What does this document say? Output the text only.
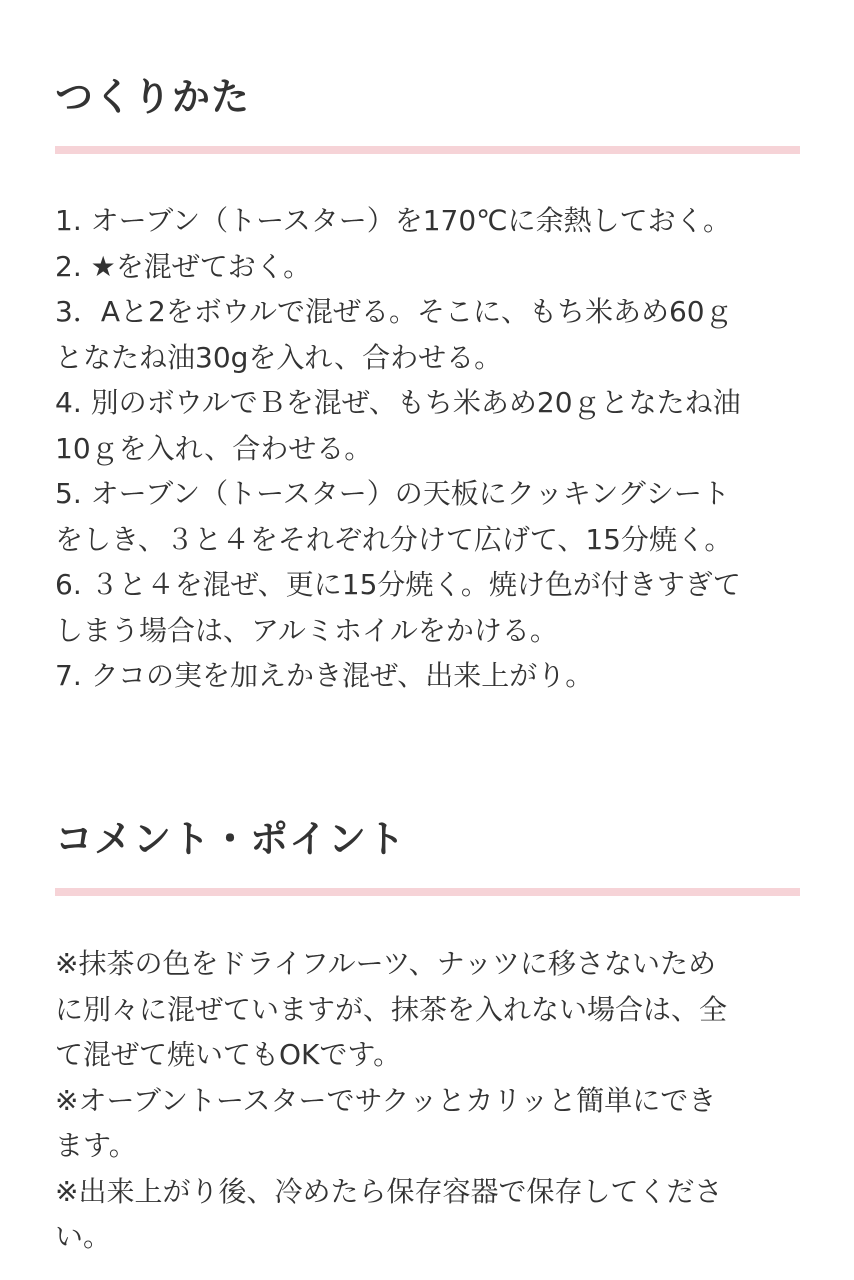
つくりかた
1. オーブン（トースター）を170℃に余熱しておく。
2. ★を混ぜておく。
3．Aと2をボウルで混ぜる。そこに、もち米あめ60ｇ
となたね油30gを入れ、合わせる。
4. 別のボウルでＢを混ぜ、もち米あめ20ｇとなたね油
10ｇを入れ、合わせる。
5. オーブン（トースター）の天板にクッキングシート
をしき、３と４をそれぞれ分けて広げて、15分焼く。
6. ３と４を混ぜ、更に15分焼く。焼け色が付きすぎて
しまう場合は、アルミホイルをかける。
7. クコの実を加えかき混ぜ、出来上がり。
コメント・ポイント
※抹茶の色をドライフルーツ、ナッツに移さないため
に別々に混ぜていますが、抹茶を入れない場合は、全
て混ぜて焼いてもOKです。
※オーブントースターでサクッとカリッと簡単にでき
ます。
※出来上がり後、冷めたら保存容器で保存してくださ
い。
